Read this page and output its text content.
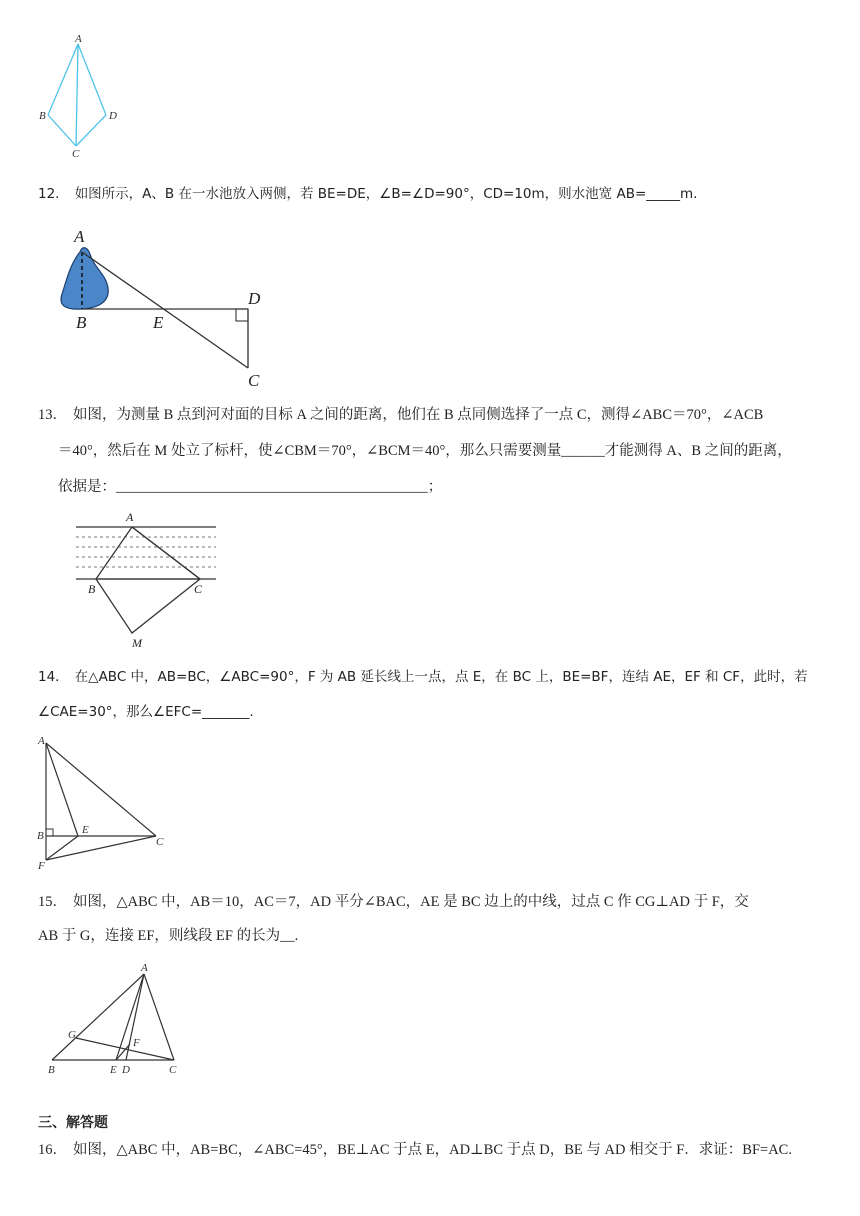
A
B	D
C
12． 如图所示，A、B 在一水池放入两侧，若 BE=DE，∠B=∠D=90°，CD=10m，则水池宽 AB=_____m.
A
B	E
D
C
13． 如图，为测量 B 点到河对面的目标 A 之间的距离，他们在 B 点同侧选择了一点 C，测得∠ABC＝70°，∠ACB
＝40°，然后在 M 处立了标杆，使∠CBM＝70°，∠BCM＝40°，那么只需要测量______才能测得 A、B 之间的距离，
依据是：___________________________________________；
A
B	C
M
14． 在△ABC 中，AB=BC，∠ABC=90°，F 为 AB 延长线上一点，点 E，在 BC 上，BE=BF，连结 AE，EF 和 CF，此时，若
∠CAE=30°，那么∠EFC=_______.
A
B	E
C
F
15． 如图，△ABC 中，AB＝10，AC＝7，AD 平分∠BAC，AE 是 BC 边上的中线，过点 C 作 CG⊥AD 于 F，交
AB 于 G，连接 EF，则线段 EF 的长为__.
A
G
F
B	E D	C
三、解答题
16． 如图，△ABC 中，AB=BC，∠ABC=45°，BE⊥AC 于点 E，AD⊥BC 于点 D，BE 与 AD 相交于 F．求证：BF=AC.
